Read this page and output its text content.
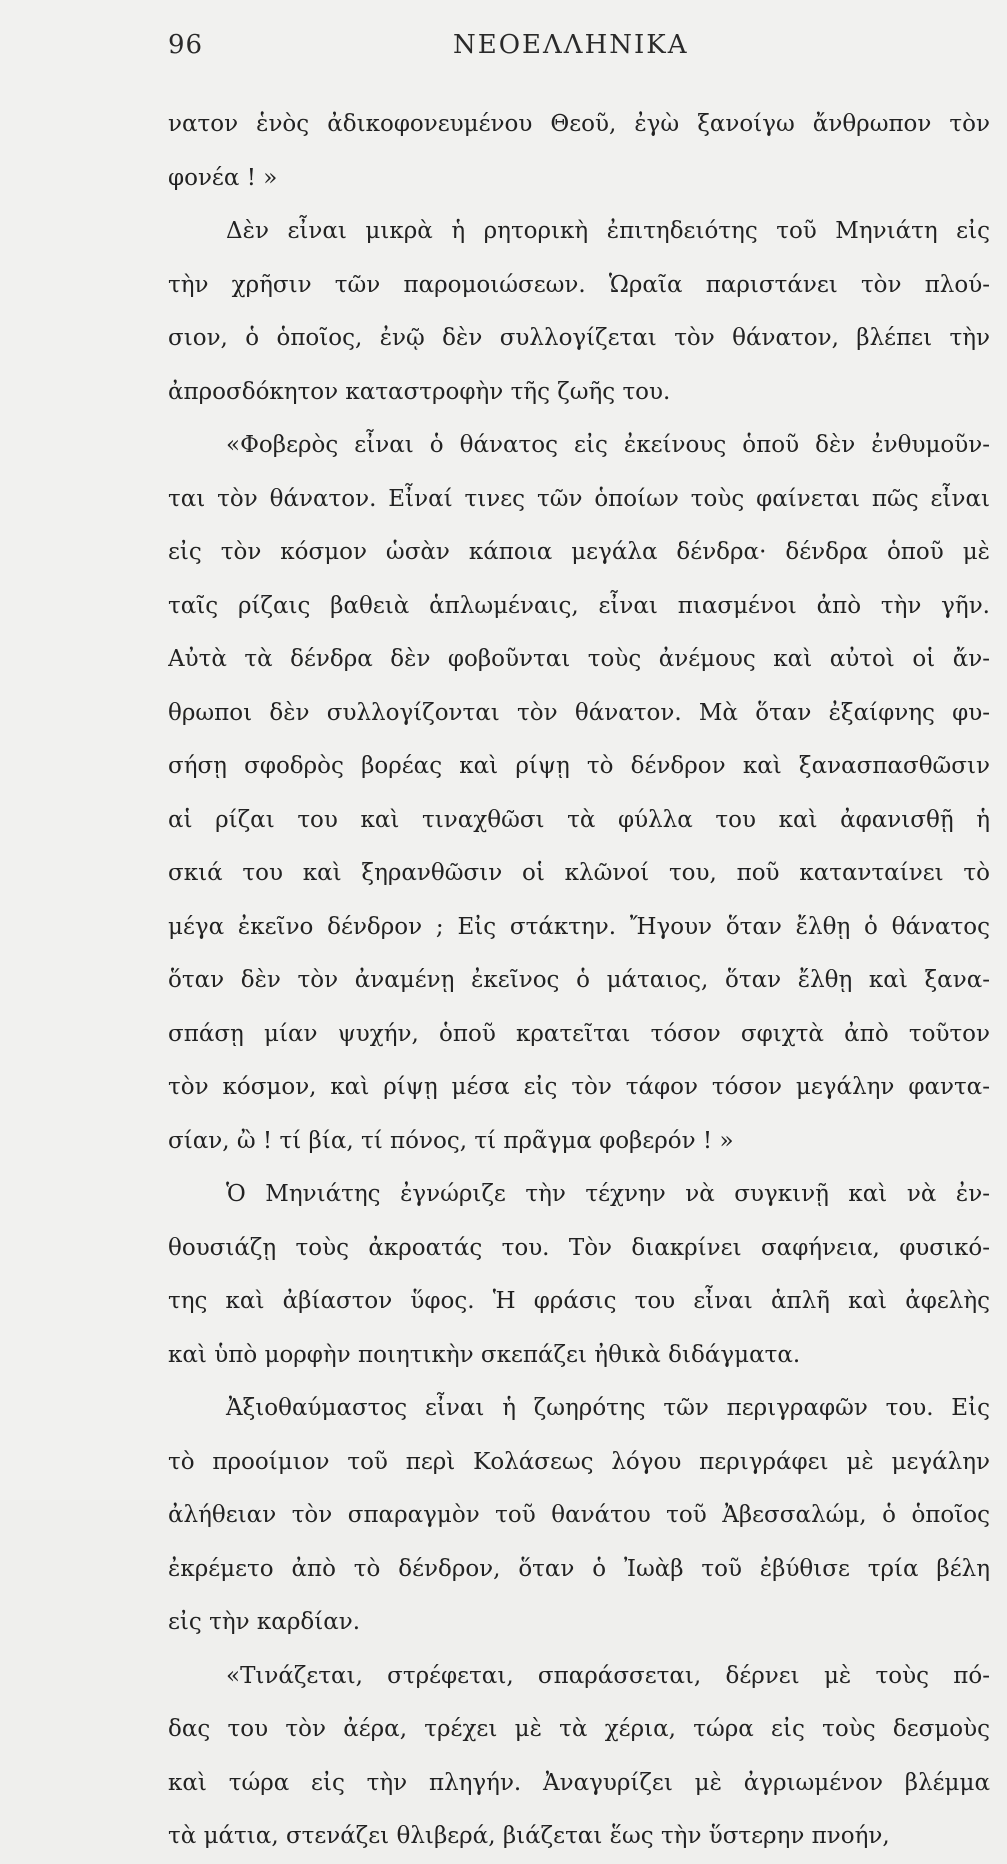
96	ΝΕΟΕΛΛΗΝΙΚΑ
νατον ἑνὸς ἀδικοφονευμένου Θεοῦ, ἐγὼ ξανοίγω ἄνθρωπον τὸν
φονέα ! »
Δὲν εἶναι μικρὰ ἡ ρητορικὴ ἐπιτηδειότης τοῦ Μηνιάτη εἰς
τὴν χρῆσιν τῶν παρομοιώσεων. Ὡραῖα παριστάνει τὸν πλού-
σιον, ὁ ὁποῖος, ἐνῷ δὲν συλλογίζεται τὸν θάνατον, βλέπει τὴν
ἀπροσδόκητον καταστροφὴν τῆς ζωῆς του.
«Φοβερὸς εἶναι ὁ θάνατος εἰς ἐκείνους ὁποῦ δὲν ἐνθυμοῦν-
ται τὸν θάνατον. Εἶναί τινες τῶν ὁποίων τοὺς φαίνεται πῶς εἶναι
εἰς τὸν κόσμον ὡσὰν κάποια μεγάλα δένδρα· δένδρα ὁποῦ μὲ
ταῖς ρίζαις βαθειὰ ἁπλωμέναις, εἶναι πιασμένοι ἀπὸ τὴν γῆν.
Αὐτὰ τὰ δένδρα δὲν φοβοῦνται τοὺς ἀνέμους καὶ αὐτοὶ οἱ ἄν-
θρωποι δὲν συλλογίζονται τὸν θάνατον. Μὰ ὅταν ἐξαίφνης φυ-
σήσῃ σφοδρὸς βορέας καὶ ρίψῃ τὸ δένδρον καὶ ξανασπασθῶσιν
αἱ ρίζαι του καὶ τιναχθῶσι τὰ φύλλα του καὶ ἀφανισθῇ ἡ
σκιά του καὶ ξηρανθῶσιν οἱ κλῶνοί του, ποῦ κατανταίνει τὸ
μέγα ἐκεῖνο δένδρον ; Εἰς στάκτην. Ἤγουν ὅταν ἔλθῃ ὁ θάνατος
ὅταν δὲν τὸν ἀναμένῃ ἐκεῖνος ὁ μάταιος, ὅταν ἔλθῃ καὶ ξανα-
σπάσῃ μίαν ψυχήν, ὁποῦ κρατεῖται τόσον σφιχτὰ ἀπὸ τοῦτον
τὸν κόσμον, καὶ ρίψῃ μέσα εἰς τὸν τάφον τόσον μεγάλην φαντα-
σίαν, ὢ ! τί βία, τί πόνος, τί πρᾶγμα φοβερόν ! »
Ὁ Μηνιάτης ἐγνώριζε τὴν τέχνην νὰ συγκινῇ καὶ νὰ ἐν-
θουσιάζῃ τοὺς ἀκροατάς του. Τὸν διακρίνει σαφήνεια, φυσικό-
της καὶ ἀβίαστον ὕφος. Ἡ φράσις του εἶναι ἁπλῆ καὶ ἀφελὴς
καὶ ὑπὸ μορφὴν ποιητικὴν σκεπάζει ἠθικὰ διδάγματα.
Ἀξιοθαύμαστος εἶναι ἡ ζωηρότης τῶν περιγραφῶν του. Εἰς
τὸ προοίμιον τοῦ περὶ Κολάσεως λόγου περιγράφει μὲ μεγάλην
ἀλήθειαν τὸν σπαραγμὸν τοῦ θανάτου τοῦ Ἀβεσσαλώμ, ὁ ὁποῖος
ἐκρέμετο ἀπὸ τὸ δένδρον, ὅταν ὁ Ἰωὰβ τοῦ ἐβύθισε τρία βέλη
εἰς τὴν καρδίαν.
«Τινάζεται, στρέφεται, σπαράσσεται, δέρνει μὲ τοὺς πό-
δας του τὸν ἀέρα, τρέχει μὲ τὰ χέρια, τώρα εἰς τοὺς δεσμοὺς
καὶ τώρα εἰς τὴν πληγήν. Ἀναγυρίζει μὲ ἀγριωμένον βλέμμα
τὰ μάτια, στενάζει θλιβερά, βιάζεται ἕως τὴν ὕστερην πνοήν,
